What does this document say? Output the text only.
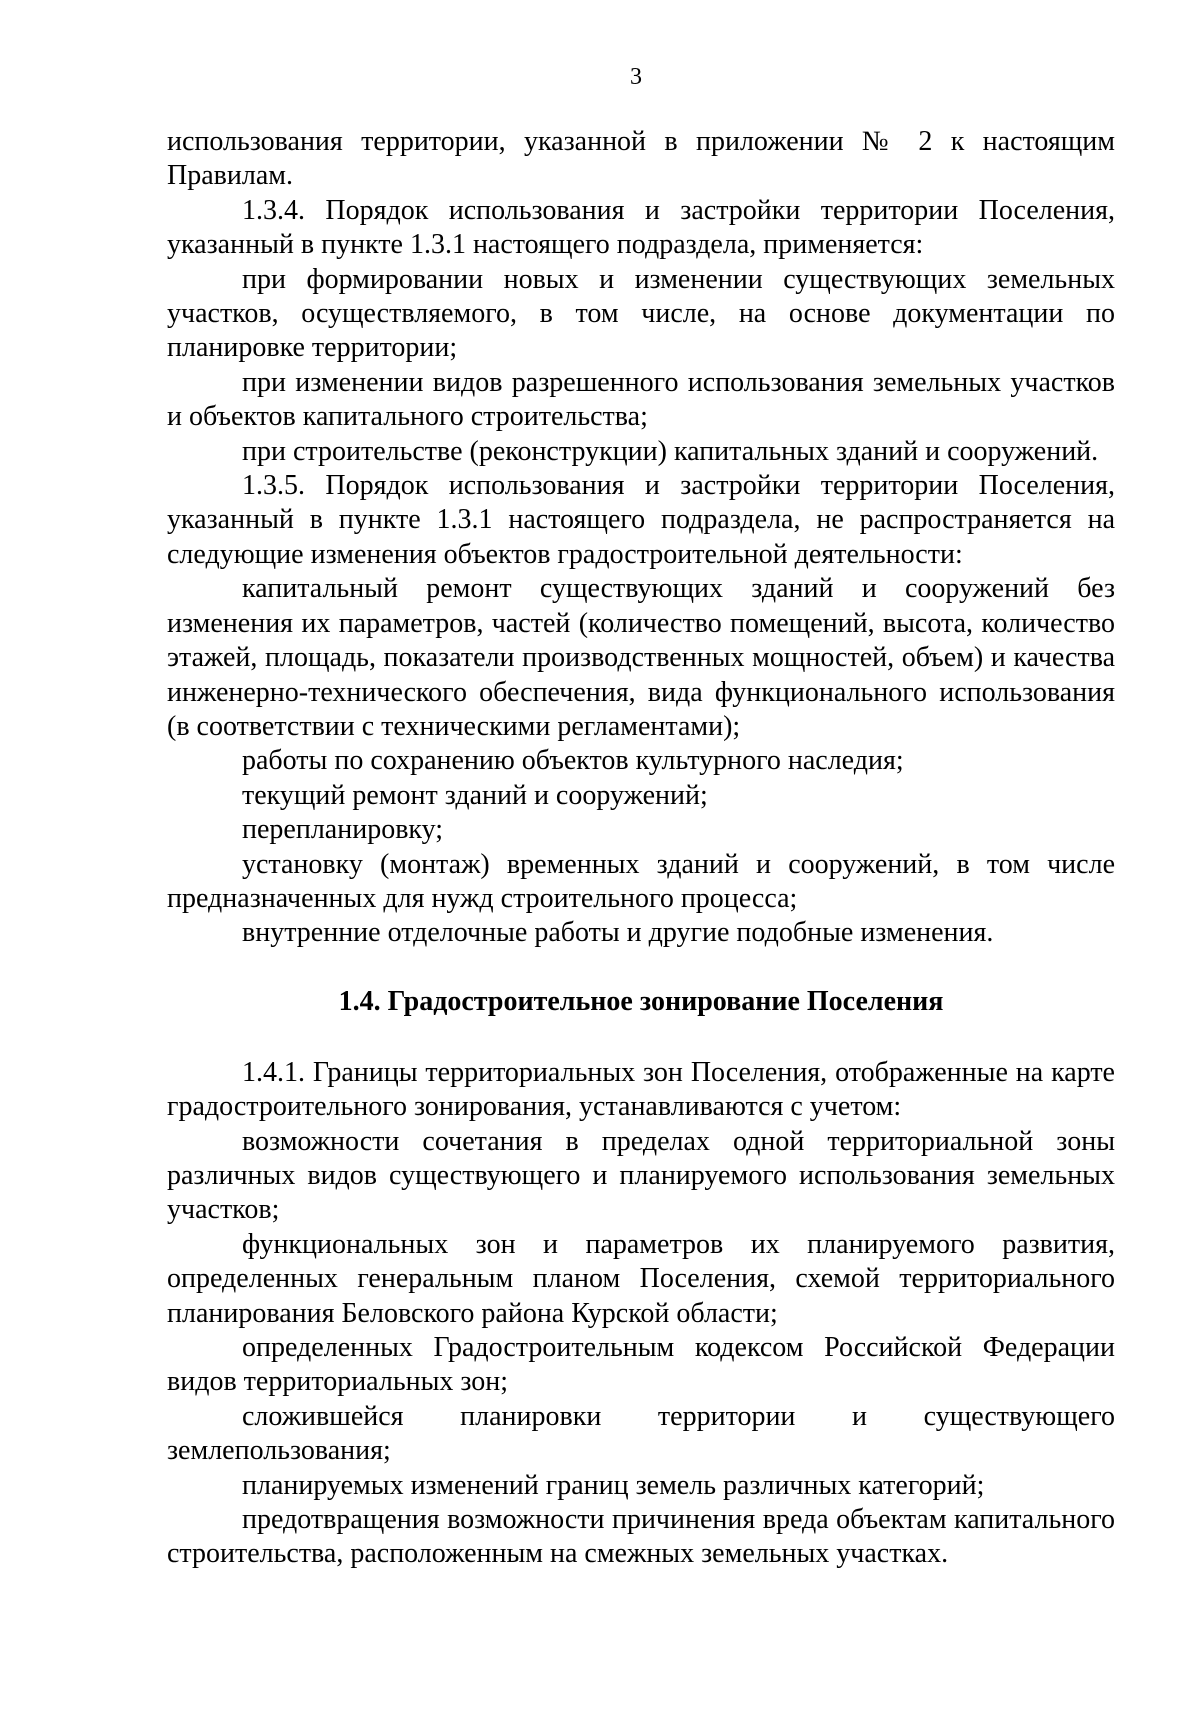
3

использования территории, указанной в приложении № 2 к настоящим Правилам.

1.3.4. Порядок использования и застройки территории Поселения, указанный в пункте 1.3.1 настоящего подраздела, применяется:

при формировании новых и изменении существующих земельных участков, осуществляемого, в том числе, на основе документации по планировке территории;

при изменении видов разрешенного использования земельных участков и объектов капитального строительства;

при строительстве (реконструкции) капитальных зданий и сооружений.

1.3.5. Порядок использования и застройки территории Поселения, указанный в пункте 1.3.1 настоящего подраздела, не распространяется на следующие изменения объектов градостроительной деятельности:

капитальный ремонт существующих зданий и сооружений без изменения их параметров, частей (количество помещений, высота, количество этажей, площадь, показатели производственных мощностей, объем) и качества инженерно-технического обеспечения, вида функционального использования (в соответствии с техническими регламентами);

работы по сохранению объектов культурного наследия;

текущий ремонт зданий и сооружений;

перепланировку;

установку (монтаж) временных зданий и сооружений, в том числе предназначенных для нужд строительного процесса;

внутренние отделочные работы и другие подобные изменения.

1.4. Градостроительное зонирование Поселения

1.4.1. Границы территориальных зон Поселения, отображенные на карте градостроительного зонирования, устанавливаются с учетом:

возможности сочетания в пределах одной территориальной зоны различных видов существующего и планируемого использования земельных участков;

функциональных зон и параметров их планируемого развития, определенных генеральным планом Поселения, схемой территориального планирования Беловского района Курской области;

определенных Градостроительным кодексом Российской Федерации видов территориальных зон;

сложившейся планировки территории и существующего землепользования;

планируемых изменений границ земель различных категорий;

предотвращения возможности причинения вреда объектам капитального строительства, расположенным на смежных земельных участках.
